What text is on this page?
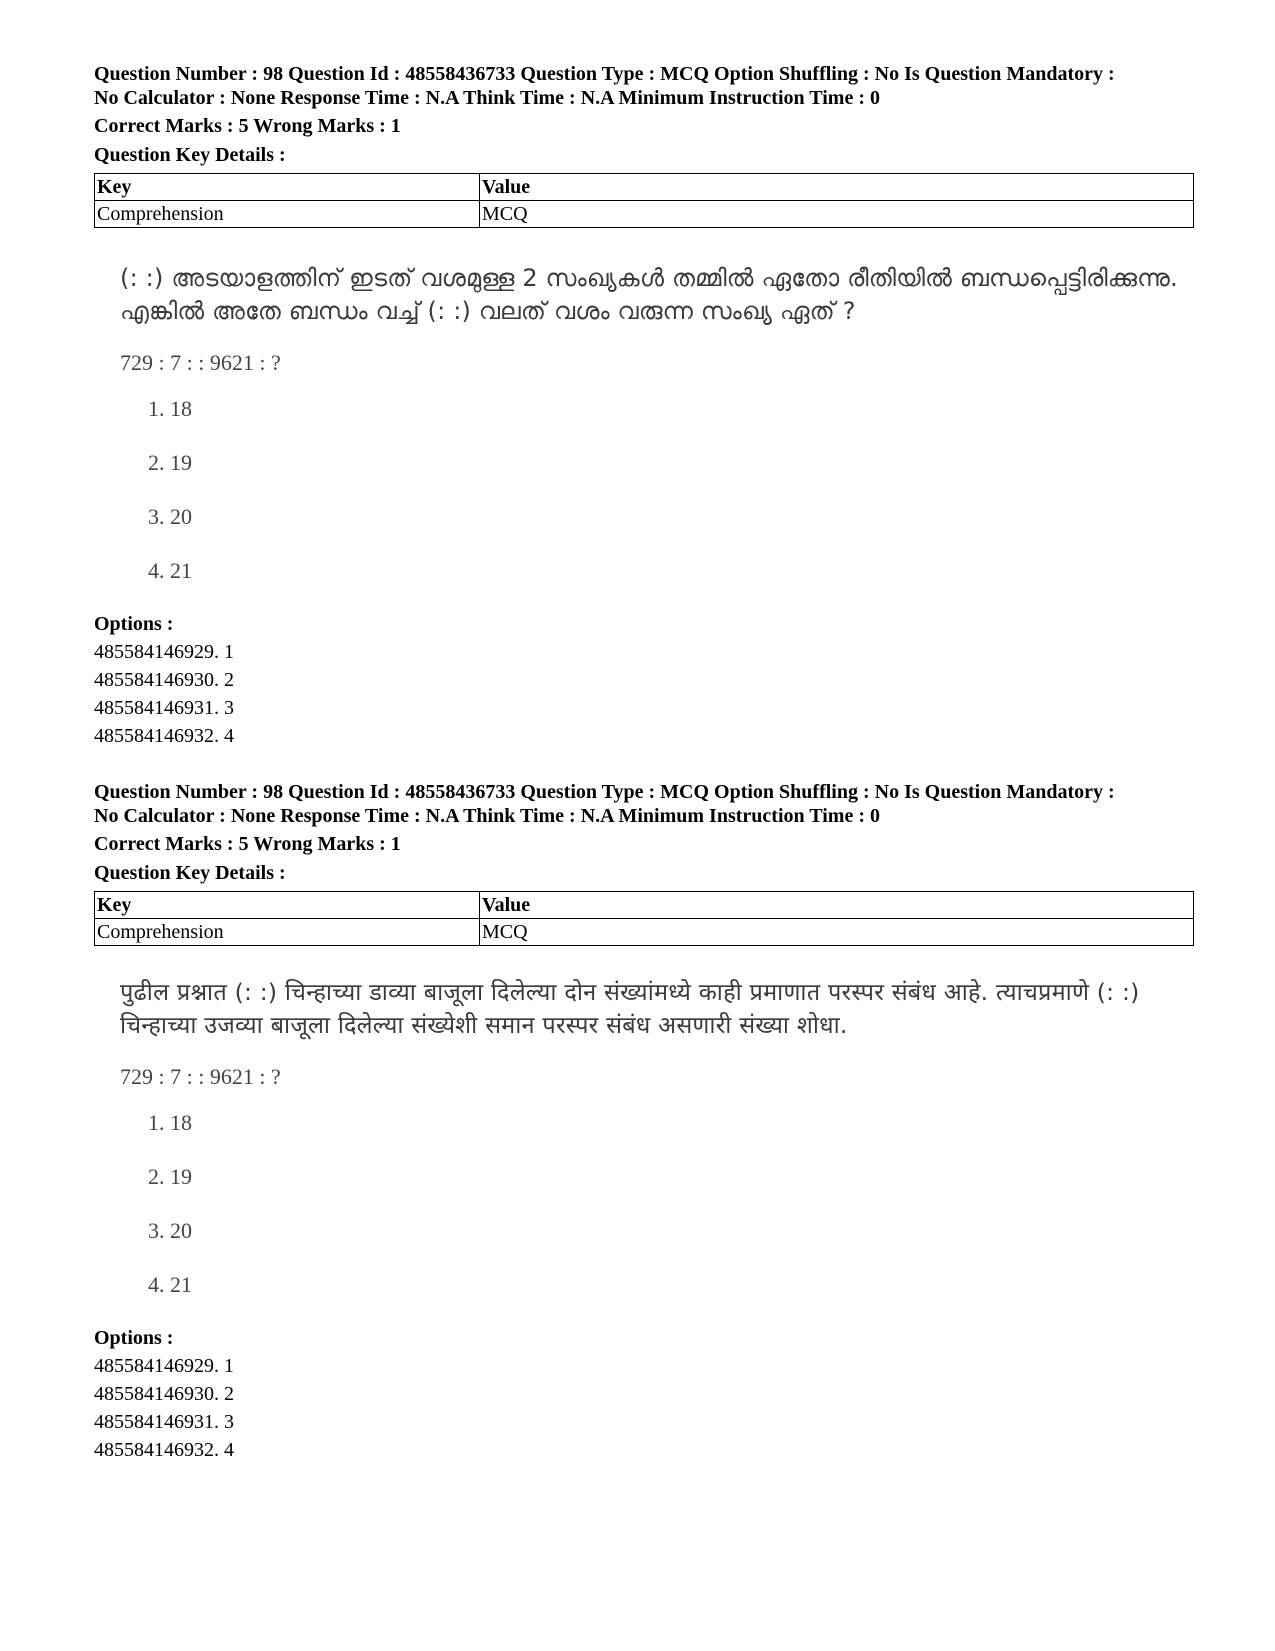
Question Number : 98 Question Id : 48558436733 Question Type : MCQ Option Shuffling : No Is Question Mandatory :

No Calculator : None Response Time : N.A Think Time : N.A Minimum Instruction Time : 0

Correct Marks : 5 Wrong Marks : 1

Question Key Details :

Key	Value
Comprehension	MCQ
(: :) അടയാളത്തിന് ഇടത് വശമുള്ള 2 സംഖ്യകൾ തമ്മിൽ ഏതോ രീതിയിൽ ബന്ധപ്പെട്ടിരിക്കുന്നു. എങ്കിൽ അതേ ബന്ധം വച്ച് (: :) വലത് വശം വരുന്ന സംഖ്യ ഏത് ?
729 : 7 : : 9621 : ?
1. 18
2. 19
3. 20
4. 21
Options :
485584146929. 1
485584146930. 2
485584146931. 3
485584146932. 4

Question Number : 98 Question Id : 48558436733 Question Type : MCQ Option Shuffling : No Is Question Mandatory :

No Calculator : None Response Time : N.A Think Time : N.A Minimum Instruction Time : 0

Correct Marks : 5 Wrong Marks : 1

Question Key Details :

Key	Value
Comprehension	MCQ
पुढील प्रश्नात (: :) चिन्हाच्या डाव्या बाजूला दिलेल्या दोन संख्यांमध्ये काही प्रमाणात परस्पर संबंध आहे. त्याचप्रमाणे (: :) चिन्हाच्या उजव्या बाजूला दिलेल्या संख्येशी समान परस्पर संबंध असणारी संख्या शोधा.
729 : 7 : : 9621 : ?
1. 18
2. 19
3. 20
4. 21
Options :
485584146929. 1
485584146930. 2
485584146931. 3
485584146932. 4
